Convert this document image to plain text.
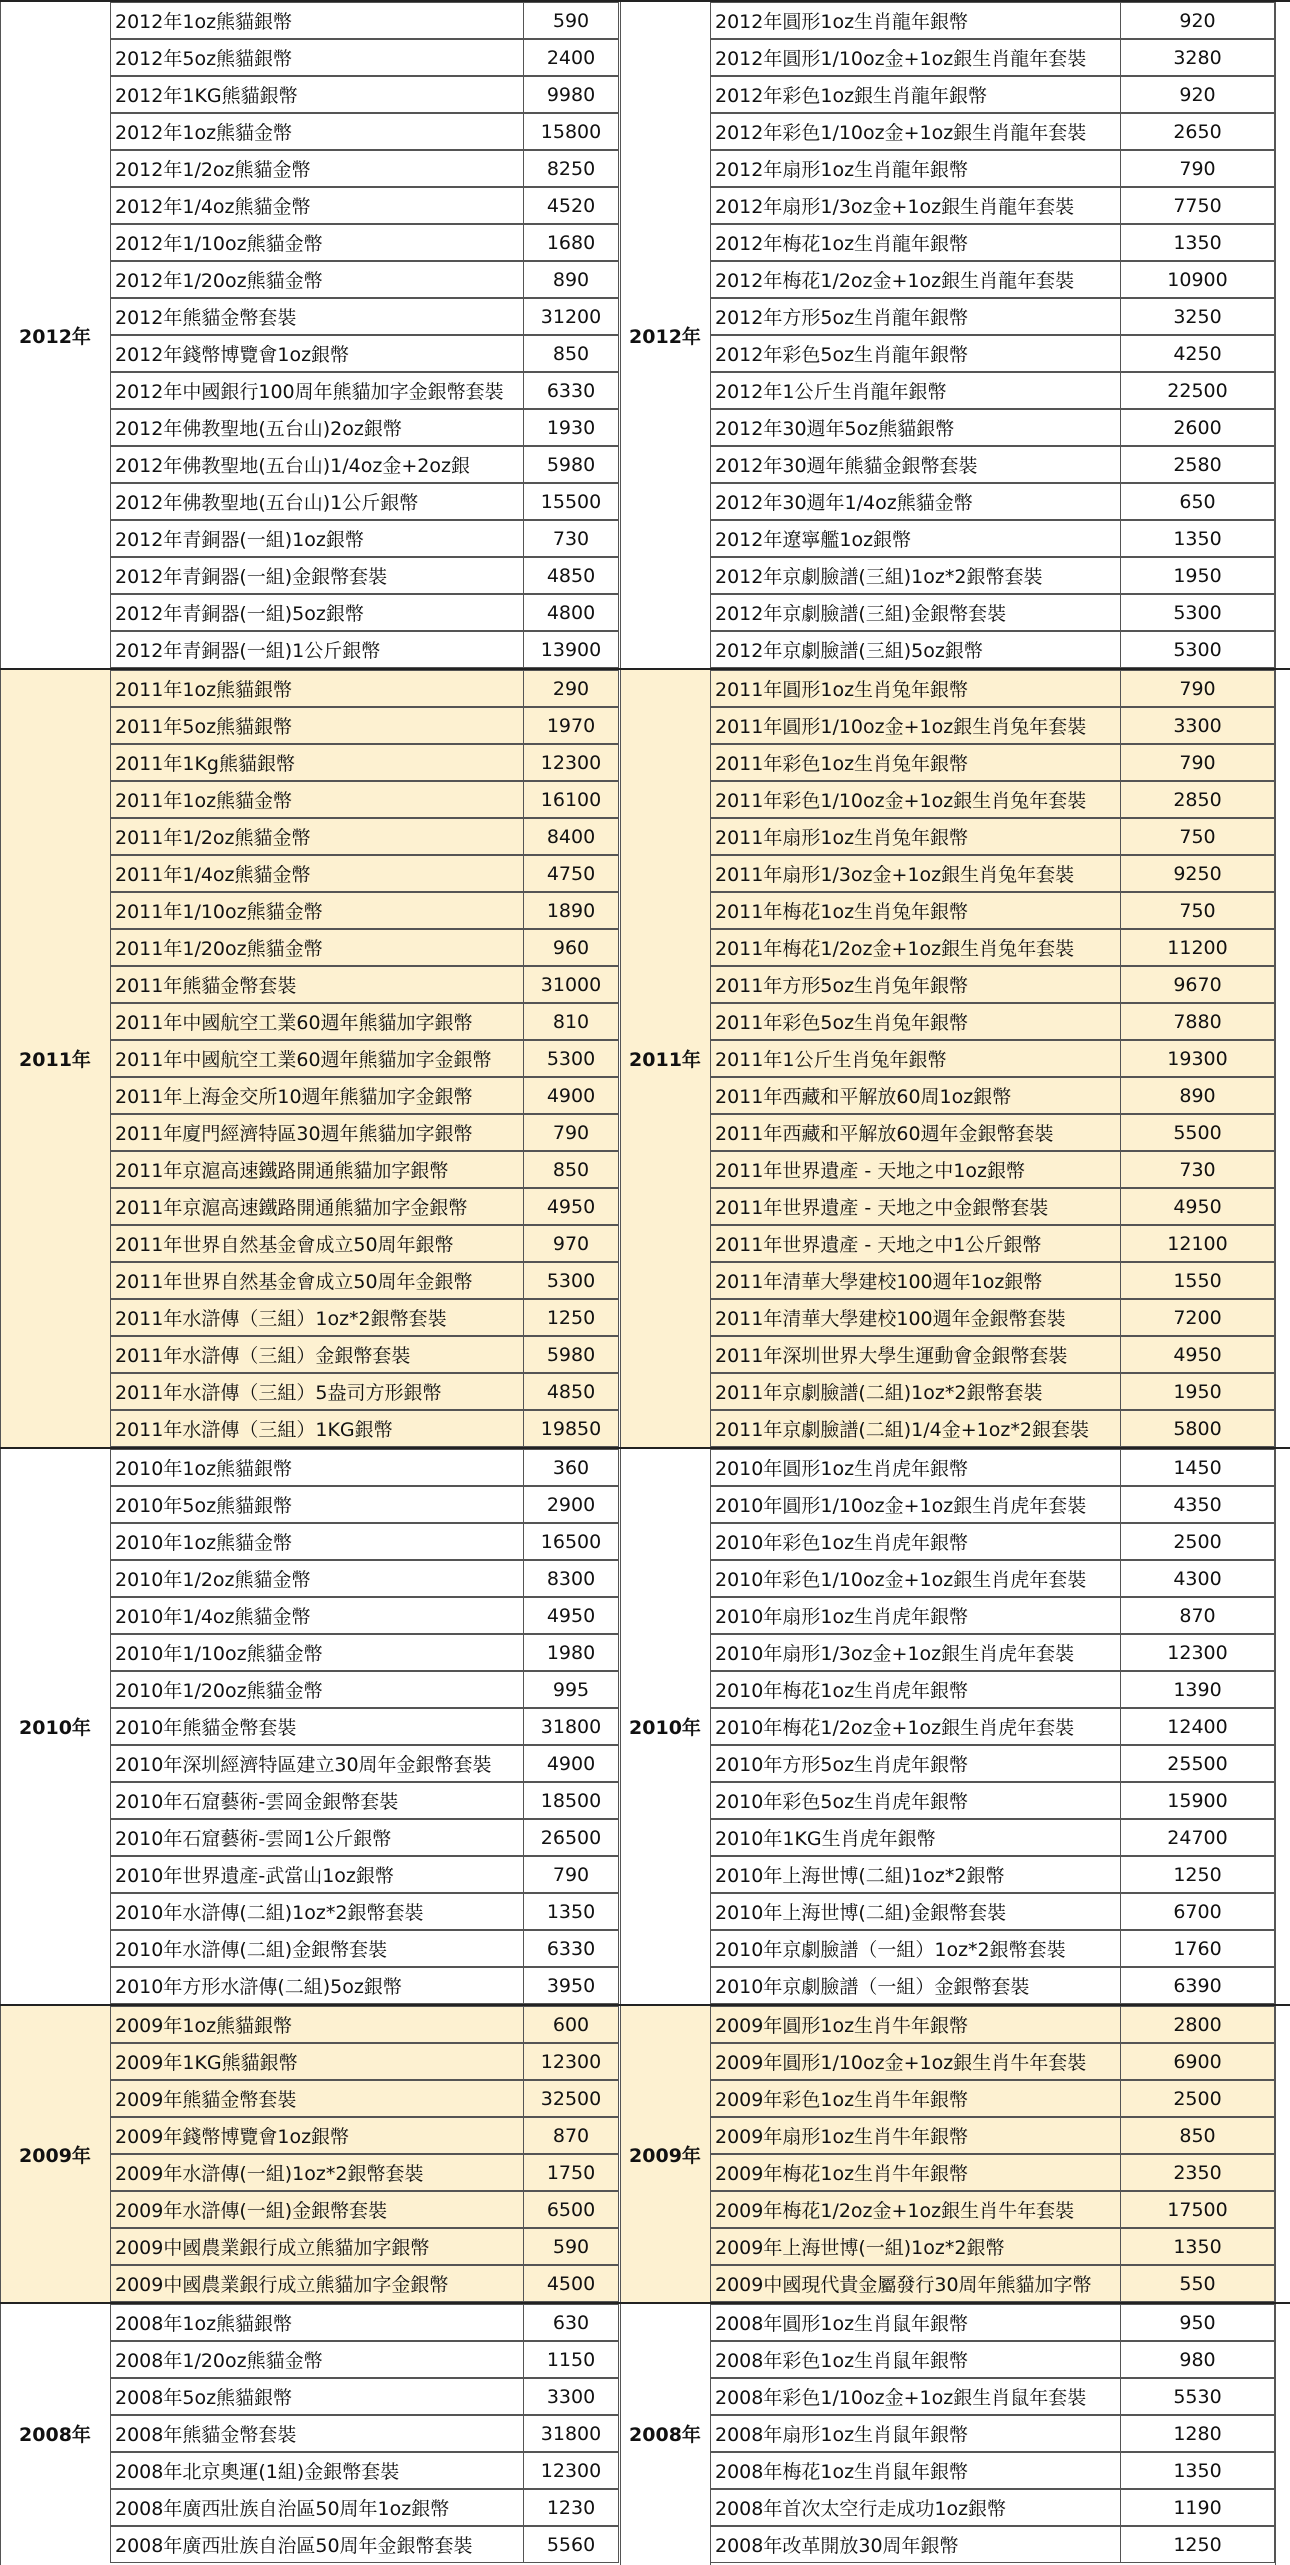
2012年	2012年
2012年1oz熊貓銀幣	590
2012年5oz熊貓銀幣	2400
2012年1KG熊貓銀幣	9980
2012年1oz熊貓金幣	15800
2012年1/2oz熊貓金幣	8250
2012年1/4oz熊貓金幣	4520
2012年1/10oz熊貓金幣	1680
2012年1/20oz熊貓金幣	890
2012年熊貓金幣套裝	31200
2012年錢幣博覽會1oz銀幣	850
2012年中國銀行100周年熊貓加字金銀幣套裝	6330
2012年佛教聖地(五台山)2oz銀幣	1930
2012年佛教聖地(五台山)1/4oz金+2oz銀	5980
2012年佛教聖地(五台山)1公斤銀幣	15500
2012年青銅器(一組)1oz銀幣	730
2012年青銅器(一組)金銀幣套裝	4850
2012年青銅器(一組)5oz銀幣	4800
2012年青銅器(一組)1公斤銀幣	13900
2012年圓形1oz生肖龍年銀幣	920
2012年圓形1/10oz金+1oz銀生肖龍年套裝	3280
2012年彩色1oz銀生肖龍年銀幣	920
2012年彩色1/10oz金+1oz銀生肖龍年套裝	2650
2012年扇形1oz生肖龍年銀幣	790
2012年扇形1/3oz金+1oz銀生肖龍年套裝	7750
2012年梅花1oz生肖龍年銀幣	1350
2012年梅花1/2oz金+1oz銀生肖龍年套裝	10900
2012年方形5oz生肖龍年銀幣	3250
2012年彩色5oz生肖龍年銀幣	4250
2012年1公斤生肖龍年銀幣	22500
2012年30週年5oz熊貓銀幣	2600
2012年30週年熊貓金銀幣套裝	2580
2012年30週年1/4oz熊貓金幣	650
2012年遼寧艦1oz銀幣	1350
2012年京劇臉譜(三組)1oz*2銀幣套裝	1950
2012年京劇臉譜(三組)金銀幣套裝	5300
2012年京劇臉譜(三組)5oz銀幣	5300
2011年	2011年
2011年1oz熊貓銀幣	290
2011年5oz熊貓銀幣	1970
2011年1Kg熊貓銀幣	12300
2011年1oz熊貓金幣	16100
2011年1/2oz熊貓金幣	8400
2011年1/4oz熊貓金幣	4750
2011年1/10oz熊貓金幣	1890
2011年1/20oz熊貓金幣	960
2011年熊貓金幣套裝	31000
2011年中國航空工業60週年熊貓加字銀幣	810
2011年中國航空工業60週年熊貓加字金銀幣	5300
2011年上海金交所10週年熊貓加字金銀幣	4900
2011年廈門經濟特區30週年熊貓加字銀幣	790
2011年京滬高速鐵路開通熊貓加字銀幣	850
2011年京滬高速鐵路開通熊貓加字金銀幣	4950
2011年世界自然基金會成立50周年銀幣	970
2011年世界自然基金會成立50周年金銀幣	5300
2011年水滸傳（三組）1oz*2銀幣套裝	1250
2011年水滸傳（三組）金銀幣套裝	5980
2011年水滸傳（三組）5盎司方形銀幣	4850
2011年水滸傳（三組）1KG銀幣	19850
2011年圓形1oz生肖兔年銀幣	790
2011年圓形1/10oz金+1oz銀生肖兔年套裝	3300
2011年彩色1oz生肖兔年銀幣	790
2011年彩色1/10oz金+1oz銀生肖兔年套裝	2850
2011年扇形1oz生肖兔年銀幣	750
2011年扇形1/3oz金+1oz銀生肖兔年套裝	9250
2011年梅花1oz生肖兔年銀幣	750
2011年梅花1/2oz金+1oz銀生肖兔年套裝	11200
2011年方形5oz生肖兔年銀幣	9670
2011年彩色5oz生肖兔年銀幣	7880
2011年1公斤生肖兔年銀幣	19300
2011年西藏和平解放60周1oz銀幣	890
2011年西藏和平解放60週年金銀幣套裝	5500
2011年世界遺產 - 天地之中1oz銀幣	730
2011年世界遺產 - 天地之中金銀幣套裝	4950
2011年世界遺產 - 天地之中1公斤銀幣	12100
2011年清華大學建校100週年1oz銀幣	1550
2011年清華大學建校100週年金銀幣套裝	7200
2011年深圳世界大學生運動會金銀幣套裝	4950
2011年京劇臉譜(二組)1oz*2銀幣套裝	1950
2011年京劇臉譜(二組)1/4金+1oz*2銀套裝	5800
2010年	2010年
2010年1oz熊貓銀幣	360
2010年5oz熊貓銀幣	2900
2010年1oz熊貓金幣	16500
2010年1/2oz熊貓金幣	8300
2010年1/4oz熊貓金幣	4950
2010年1/10oz熊貓金幣	1980
2010年1/20oz熊貓金幣	995
2010年熊貓金幣套裝	31800
2010年深圳經濟特區建立30周年金銀幣套裝	4900
2010年石窟藝術-雲岡金銀幣套裝	18500
2010年石窟藝術-雲岡1公斤銀幣	26500
2010年世界遺產-武當山1oz銀幣	790
2010年水滸傳(二組)1oz*2銀幣套裝	1350
2010年水滸傳(二組)金銀幣套裝	6330
2010年方形水滸傳(二組)5oz銀幣	3950
2010年圓形1oz生肖虎年銀幣	1450
2010年圓形1/10oz金+1oz銀生肖虎年套裝	4350
2010年彩色1oz生肖虎年銀幣	2500
2010年彩色1/10oz金+1oz銀生肖虎年套裝	4300
2010年扇形1oz生肖虎年銀幣	870
2010年扇形1/3oz金+1oz銀生肖虎年套裝	12300
2010年梅花1oz生肖虎年銀幣	1390
2010年梅花1/2oz金+1oz銀生肖虎年套裝	12400
2010年方形5oz生肖虎年銀幣	25500
2010年彩色5oz生肖虎年銀幣	15900
2010年1KG生肖虎年銀幣	24700
2010年上海世博(二組)1oz*2銀幣	1250
2010年上海世博(二組)金銀幣套裝	6700
2010年京劇臉譜（一組）1oz*2銀幣套裝	1760
2010年京劇臉譜（一組）金銀幣套裝	6390
2009年	2009年
2009年1oz熊貓銀幣	600
2009年1KG熊貓銀幣	12300
2009年熊貓金幣套裝	32500
2009年錢幣博覽會1oz銀幣	870
2009年水滸傳(一組)1oz*2銀幣套裝	1750
2009年水滸傳(一組)金銀幣套裝	6500
2009中國農業銀行成立熊貓加字銀幣	590
2009中國農業銀行成立熊貓加字金銀幣	4500
2009年圓形1oz生肖牛年銀幣	2800
2009年圓形1/10oz金+1oz銀生肖牛年套裝	6900
2009年彩色1oz生肖牛年銀幣	2500
2009年扇形1oz生肖牛年銀幣	850
2009年梅花1oz生肖牛年銀幣	2350
2009年梅花1/2oz金+1oz銀生肖牛年套裝	17500
2009年上海世博(一組)1oz*2銀幣	1350
2009中國現代貴金屬發行30周年熊貓加字幣	550
2008年	2008年
2008年1oz熊貓銀幣	630
2008年1/20oz熊貓金幣	1150
2008年5oz熊貓銀幣	3300
2008年熊貓金幣套裝	31800
2008年北京奧運(1組)金銀幣套裝	12300
2008年廣西壯族自治區50周年1oz銀幣	1230
2008年廣西壯族自治區50周年金銀幣套裝	5560
2008年圓形1oz生肖鼠年銀幣	950
2008年彩色1oz生肖鼠年銀幣	980
2008年彩色1/10oz金+1oz銀生肖鼠年套裝	5530
2008年扇形1oz生肖鼠年銀幣	1280
2008年梅花1oz生肖鼠年銀幣	1350
2008年首次太空行走成功1oz銀幣	1190
2008年改革開放30周年銀幣	1250
